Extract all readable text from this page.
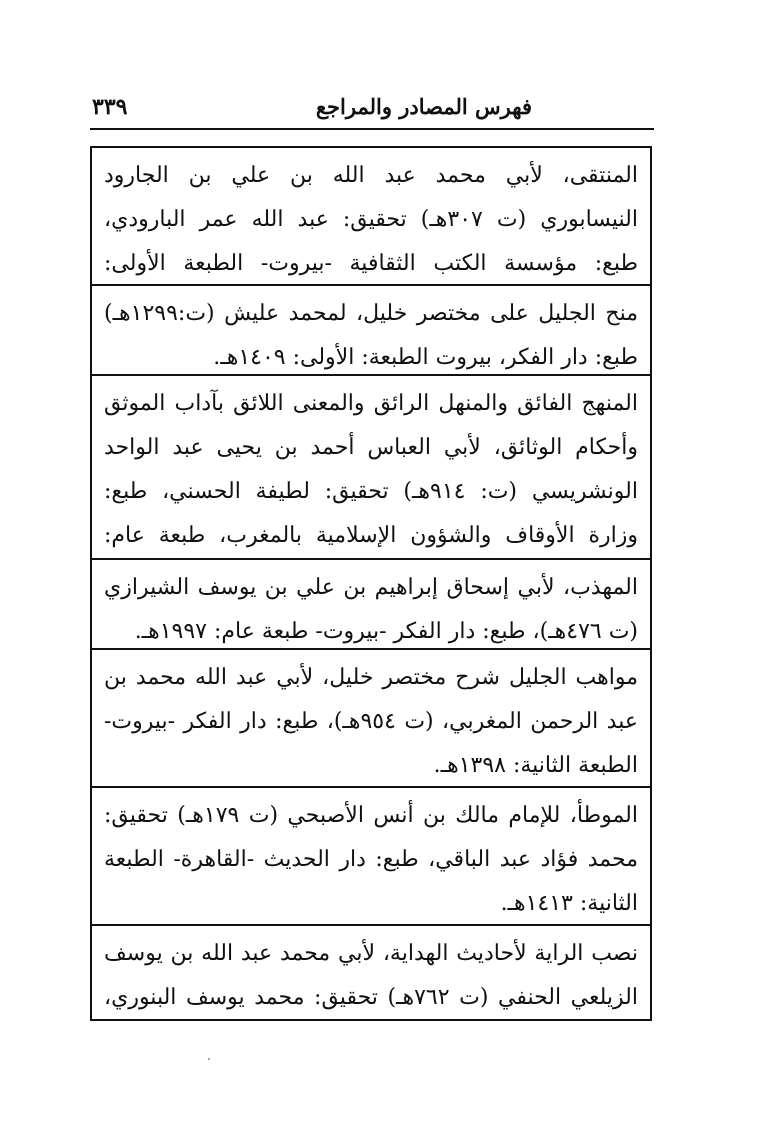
٣٣٩	فهرس المصادر والمراجع
المنتقى، لأبي محمد عبد الله بن علي بن الجارود النيسابوري (ت ٣٠٧هـ) تحقيق: عبد الله عمر البارودي، طبع: مؤسسة الكتب الثقافية -بيروت- الطبعة الأولى:
منح الجليل على مختصر خليل، لمحمد عليش (ت:١٢٩٩هـ) طبع: دار الفكر، بيروت الطبعة: الأولى: ١٤٠٩هـ.
المنهج الفائق والمنهل الرائق والمعنى اللائق بآداب الموثق وأحكام الوثائق، لأبي العباس أحمد بن يحيى عبد الواحد الونشريسي (ت: ٩١٤هـ) تحقيق: لطيفة الحسني، طبع: وزارة الأوقاف والشؤون الإسلامية بالمغرب، طبعة عام:
المهذب، لأبي إسحاق إبراهيم بن علي بن يوسف الشيرازي (ت ٤٧٦هـ)، طبع: دار الفكر -بيروت- طبعة عام: ١٩٩٧هـ.
مواهب الجليل شرح مختصر خليل، لأبي عبد الله محمد بن عبد الرحمن المغربي، (ت ٩٥٤هـ)، طبع: دار الفكر -بيروت- الطبعة الثانية: ١٣٩٨هـ.
الموطأ، للإمام مالك بن أنس الأصبحي (ت ١٧٩هـ) تحقيق: محمد فؤاد عبد الباقي، طبع: دار الحديث -القاهرة- الطبعة الثانية: ١٤١٣هـ.
نصب الراية لأحاديث الهداية، لأبي محمد عبد الله بن يوسف الزيلعي الحنفي (ت ٧٦٢هـ) تحقيق: محمد يوسف البنوري،
